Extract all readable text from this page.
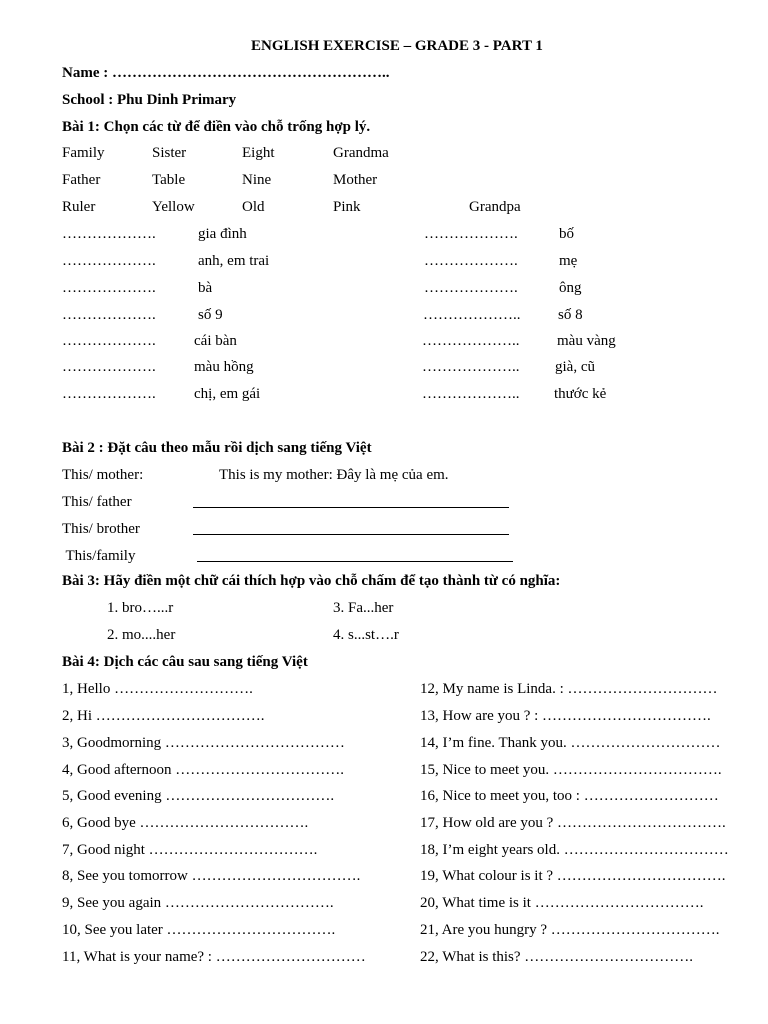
ENGLISH EXERCISE – GRADE 3 - PART 1
Name : ………………………………………………..
School : Phu Dinh Primary
Bài 1: Chọn các từ để điền vào chỗ trống hợp lý.
Family	Sister	Eight	Grandma
Father	Table	Nine	Mother
Ruler	Yellow	Old	Pink	Grandpa
……………….	gia đình	……………….	bố
……………….	anh, em trai	……………….	mẹ
……………….	bà	……………….	ông
……………….	số 9	………………..	số 8
……………….	cái bàn	………………..	màu vàng
……………….	màu hồng	……………….. già, cũ
……………….	chị, em gái	……………….. thước kẻ
Bài 2 : Đặt câu theo mẫu rồi dịch sang tiếng Việt
This/ mother:	This is my mother: Đây là mẹ của em.
This/ father
This/ brother
This/family
Bài 3: Hãy điền một chữ cái thích hợp vào chỗ chấm để tạo thành từ có nghĩa:
1. bro…...r	3. Fa...her
2. mo....her	4. s...st….r
Bài 4: Dịch các câu sau sang tiếng Việt
1, Hello ……………………….
2, Hi …………………………….
3, Goodmorning ………………………………
4, Good afternoon …………………………….
5, Good evening …………………………….
6, Good bye …………………………….
7, Good night …………………………….
8, See you tomorrow …………………………….
9, See you again …………………………….
10, See you later …………………………….
11, What is your name? : …………………………
12, My name is Linda. : …………………………
13, How are you ? : …………………………….
14, I’m fine. Thank you. …………………………
15, Nice to meet you. …………………………….
16, Nice to meet you, too : ………………………
17, How old are you ? …………………………….
18, I’m eight years old. ……………………………
19, What colour is it ? …………………………….
20, What time is it …………………………….
21, Are you hungry ? …………………………….
22, What is this? …………………………….
